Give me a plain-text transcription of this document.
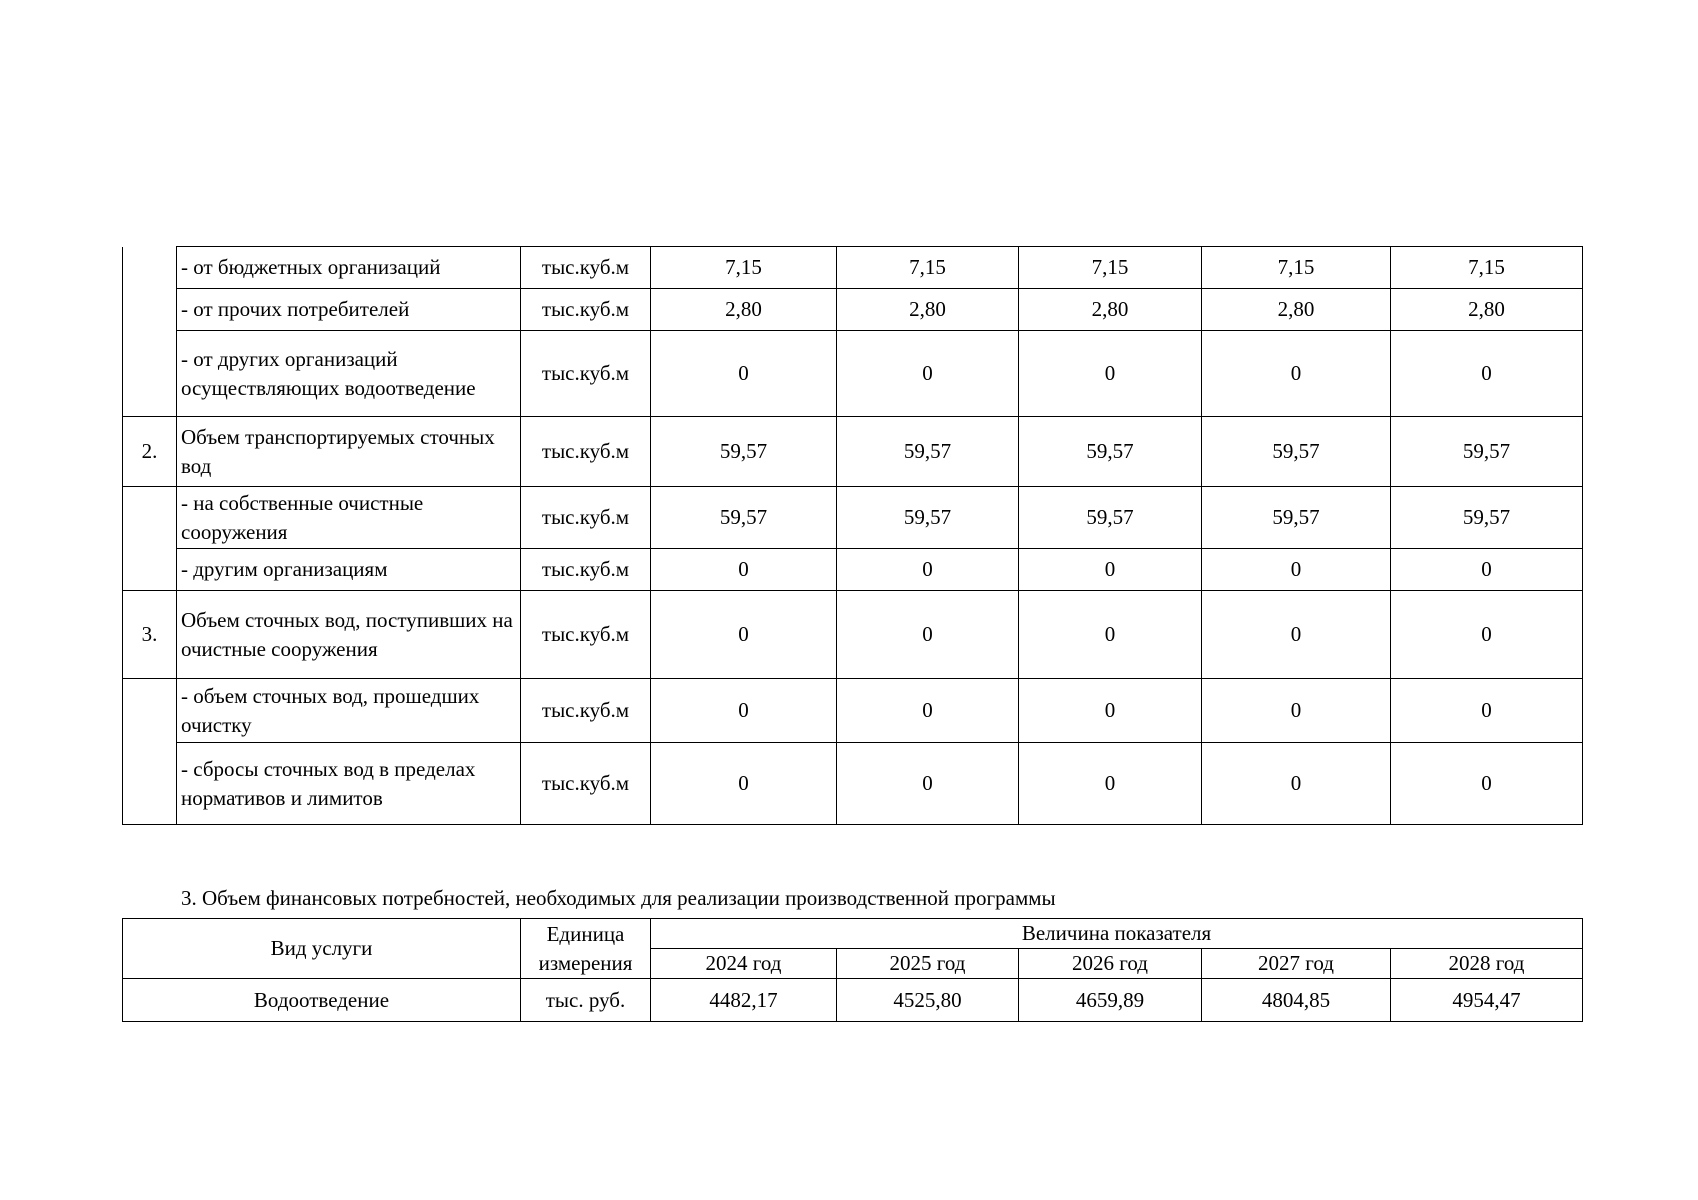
	- от бюджетных организаций	тыс.куб.м	7,15	7,15	7,15	7,15	7,15
	- от прочих потребителей	тыс.куб.м	2,80	2,80	2,80	2,80	2,80
	- от других организаций осуществляющих водоотведение	тыс.куб.м	0	0	0	0	0
2.	Объем транспортируемых сточных вод	тыс.куб.м	59,57	59,57	59,57	59,57	59,57
	- на собственные очистные сооружения	тыс.куб.м	59,57	59,57	59,57	59,57	59,57
	- другим организациям	тыс.куб.м	0	0	0	0	0
3.	Объем сточных вод, поступивших на очистные сооружения	тыс.куб.м	0	0	0	0	0
	- объем сточных вод, прошедших очистку	тыс.куб.м	0	0	0	0	0
	- сбросы сточных вод в пределах нормативов и лимитов	тыс.куб.м	0	0	0	0	0
3. Объем финансовых потребностей, необходимых для реализации производственной программы
Вид услуги	Единица измерения	Величина показателя				
		2024 год	2025 год	2026 год	2027 год	2028 год
Водоотведение	тыс. руб.	4482,17	4525,80	4659,89	4804,85	4954,47
